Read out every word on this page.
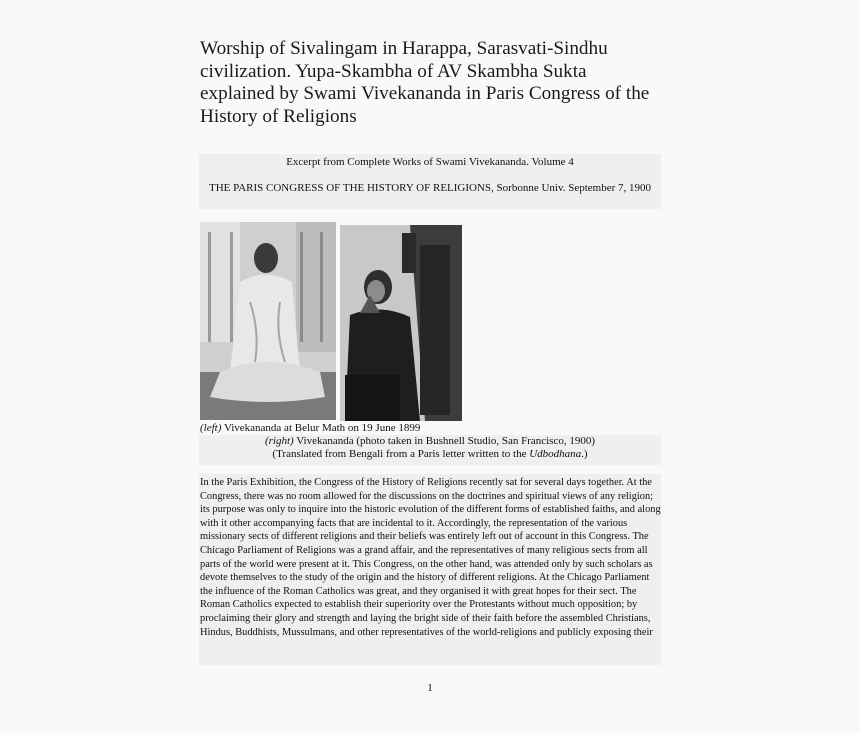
Worship of Sivalingam in Harappa, Sarasvati-Sindhu civilization. Yupa-Skambha of AV Skambha Sukta explained by Swami Vivekananda in Paris Congress of the History of Religions
Excerpt from Complete Works of Swami Vivekananda. Volume 4
THE PARIS CONGRESS OF THE HISTORY OF RELIGIONS, Sorbonne Univ. September 7, 1900
(left) Vivekananda at Belur Math on 19 June 1899
(right) Vivekananda (photo taken in Bushnell Studio, San Francisco, 1900)
(Translated from Bengali from a Paris letter written to the Udbodhana.)
In the Paris Exhibition, the Congress of the History of Religions recently sat for several days together. At the Congress, there was no room allowed for the discussions on the doctrines and spiritual views of any religion; its purpose was only to inquire into the historic evolution of the different forms of established faiths, and along with it other accompanying facts that are incidental to it. Accordingly, the representation of the various missionary sects of different religions and their beliefs was entirely left out of account in this Congress. The Chicago Parliament of Religions was a grand affair, and the representatives of many religious sects from all parts of the world were present at it. This Congress, on the other hand, was attended only by such scholars as devote themselves to the study of the origin and the history of different religions. At the Chicago Parliament the influence of the Roman Catholics was great, and they organised it with great hopes for their sect. The Roman Catholics expected to establish their superiority over the Protestants without much opposition; by proclaiming their glory and strength and laying the bright side of their faith before the assembled Christians, Hindus, Buddhists, Mussulmans, and other representatives of the world-religions and publicly exposing their
1
